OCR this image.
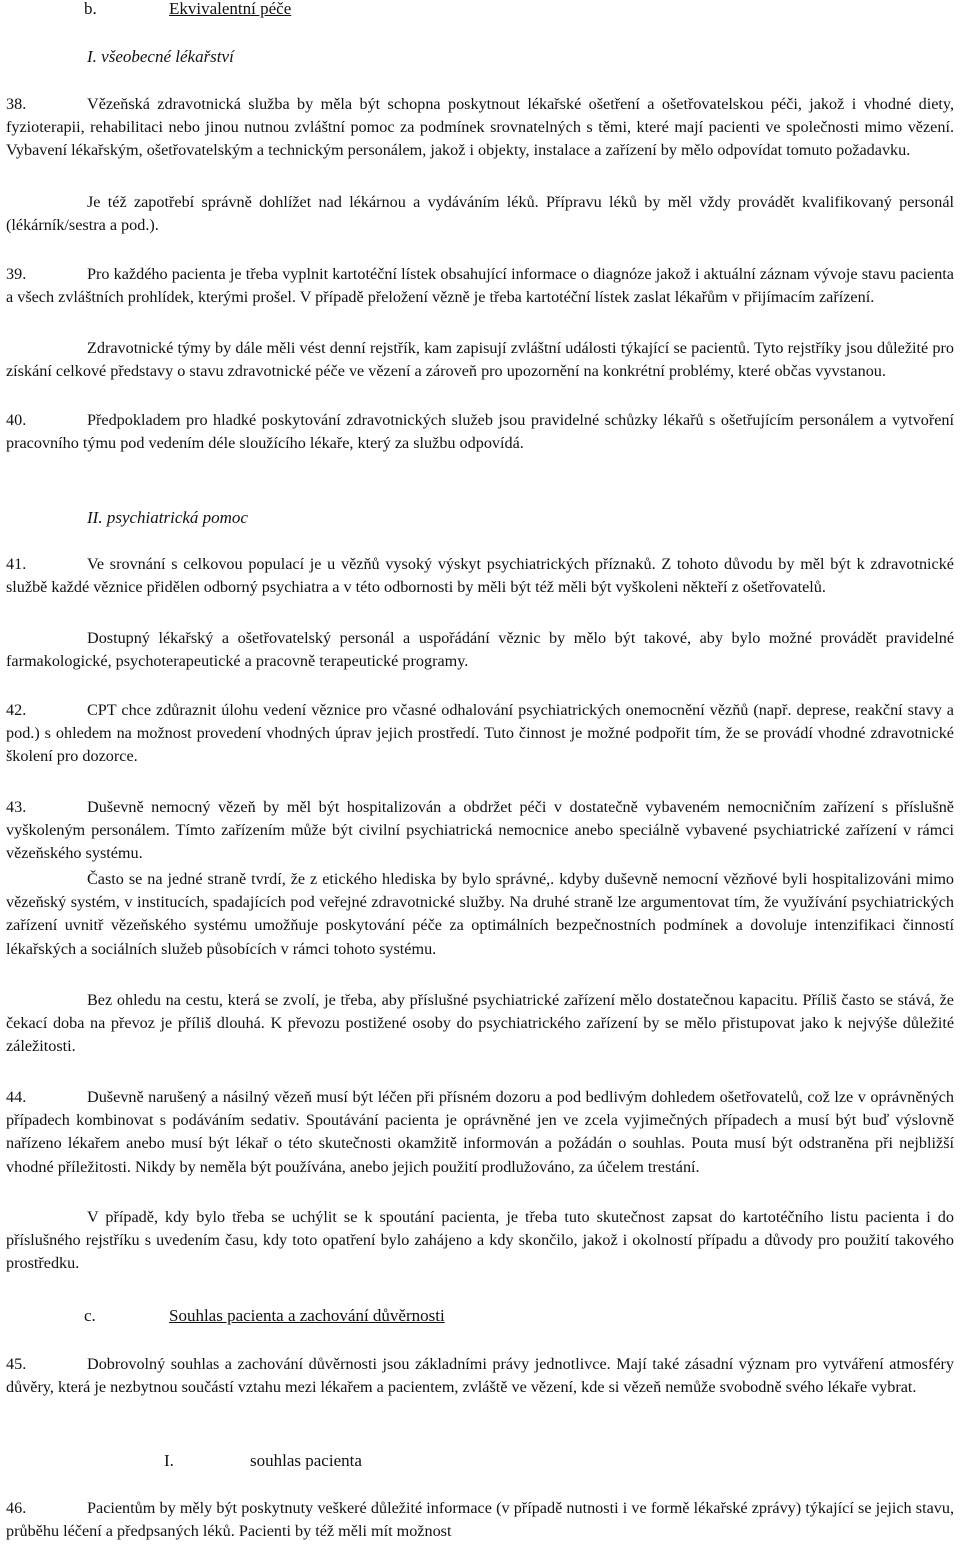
b.	Ekvivalentní péče
I. všeobecné lékařství

38.	Vězeňská zdravotnická služba by měla být schopna poskytnout lékařské ošetření a ošetřovatelskou péči, jakož i vhodné diety, fyzioterapii, rehabilitaci nebo jinou nutnou zvláštní pomoc za podmínek srovnatelných s těmi, které mají pacienti ve společnosti mimo vězení. Vybavení lékařským, ošetřovatelským a technickým personálem, jakož i objekty, instalace a zařízení by mělo odpovídat tomuto požadavku.

Je též zapotřebí správně dohlížet nad lékárnou a vydáváním léků. Přípravu léků by měl vždy provádět kvalifikovaný personál (lékárník/sestra a pod.).

39.	Pro každého pacienta je třeba vyplnit kartotéční lístek obsahující informace o diagnóze jakož i aktuální záznam vývoje stavu pacienta a všech zvláštních prohlídek, kterými prošel. V případě přeložení vězně je třeba kartotéční lístek zaslat lékařům v přijímacím zařízení.

Zdravotnické týmy by dále měli vést denní rejstřík, kam zapisují zvláštní události týkající se pacientů. Tyto rejstříky jsou důležité pro získání celkové představy o stavu zdravotnické péče ve vězení a zároveň pro upozornění na konkrétní problémy, které občas vyvstanou.

40.	Předpokladem pro hladké poskytování zdravotnických služeb jsou pravidelné schůzky lékařů s ošetřujícím personálem a vytvoření pracovního týmu pod vedením déle sloužícího lékaře, který za službu odpovídá.

II. psychiatrická pomoc

41.	Ve srovnání s celkovou populací je u vězňů vysoký výskyt psychiatrických příznaků. Z tohoto důvodu by měl být k zdravotnické službě každé věznice přidělen odborný psychiatra a v této odbornosti by měli být též měli být vyškoleni někteří z ošetřovatelů.

Dostupný lékařský a ošetřovatelský personál a uspořádání věznic by mělo být takové, aby bylo možné provádět pravidelné farmakologické, psychoterapeutické a pracovně terapeutické programy.

42.	CPT chce zdůraznit úlohu vedení věznice pro včasné odhalování psychiatrických onemocnění vězňů (např. deprese, reakční stavy a pod.) s ohledem na možnost provedení vhodných úprav jejich prostředí. Tuto činnost je možné podpořit tím, že se provádí vhodné zdravotnické školení pro dozorce.

43.	Duševně nemocný vězeň by měl být hospitalizován a obdržet péči v dostatečně vybaveném nemocničním zařízení s příslušně vyškoleným personálem. Tímto zařízením může být civilní psychiatrická nemocnice anebo speciálně vybavené psychiatrické zařízení v rámci vězeňského systému.

Často se na jedné straně tvrdí, že z etického hlediska by bylo správné,. kdyby duševně nemocní vězňové byli hospitalizováni mimo vězeňský systém, v institucích, spadajících pod veřejné zdravotnické služby. Na druhé straně lze argumentovat tím, že využívání psychiatrických zařízení uvnitř vězeňského systému umožňuje poskytování péče za optimálních bezpečnostních podmínek a dovoluje intenzifikaci činností lékařských a sociálních služeb působících v rámci tohoto systému.

Bez ohledu na cestu, která se zvolí, je třeba, aby příslušné psychiatrické zařízení mělo dostatečnou kapacitu. Příliš často se stává, že čekací doba na převoz je příliš dlouhá. K převozu postižené osoby do psychiatrického zařízení by se mělo přistupovat jako k nejvýše důležité záležitosti.

44.	Duševně narušený a násilný vězeň musí být léčen při přísném dozoru a pod bedlivým dohledem ošetřovatelů, což lze v oprávněných případech kombinovat s podáváním sedativ. Spoutávání pacienta je oprávněné jen ve zcela vyjimečných případech a musí být buď výslovně nařízeno lékařem anebo musí být lékař o této skutečnosti okamžitě informován a požádán o souhlas. Pouta musí být odstraněna při nejbližší vhodné příležitosti. Nikdy by neměla být používána, anebo jejich použití prodlužováno, za účelem trestání.

V případě, kdy bylo třeba se uchýlit se k spoutání pacienta, je třeba tuto skutečnost zapsat do kartotéčního listu pacienta i do příslušného rejstříku s uvedením času, kdy toto opatření bylo zahájeno a kdy skončilo, jakož i okolností případu a důvody pro použití takového prostředku.

c.	Souhlas pacienta a zachování důvěrnosti

45.	Dobrovolný souhlas a zachování důvěrnosti jsou základními právy jednotlivce. Mají také zásadní význam pro vytváření atmosféry důvěry, která je nezbytnou součástí vztahu mezi lékařem a pacientem, zvláště ve vězení, kde si vězeň nemůže svobodně svého lékaře vybrat.

I.	souhlas pacienta

46.	Pacientům by měly být poskytnuty veškeré důležité informace (v případě nutnosti i ve formě lékařské zprávy) týkající se jejich stavu, průběhu léčení a předpsaných léků. Pacienti by též měli mít možnost
